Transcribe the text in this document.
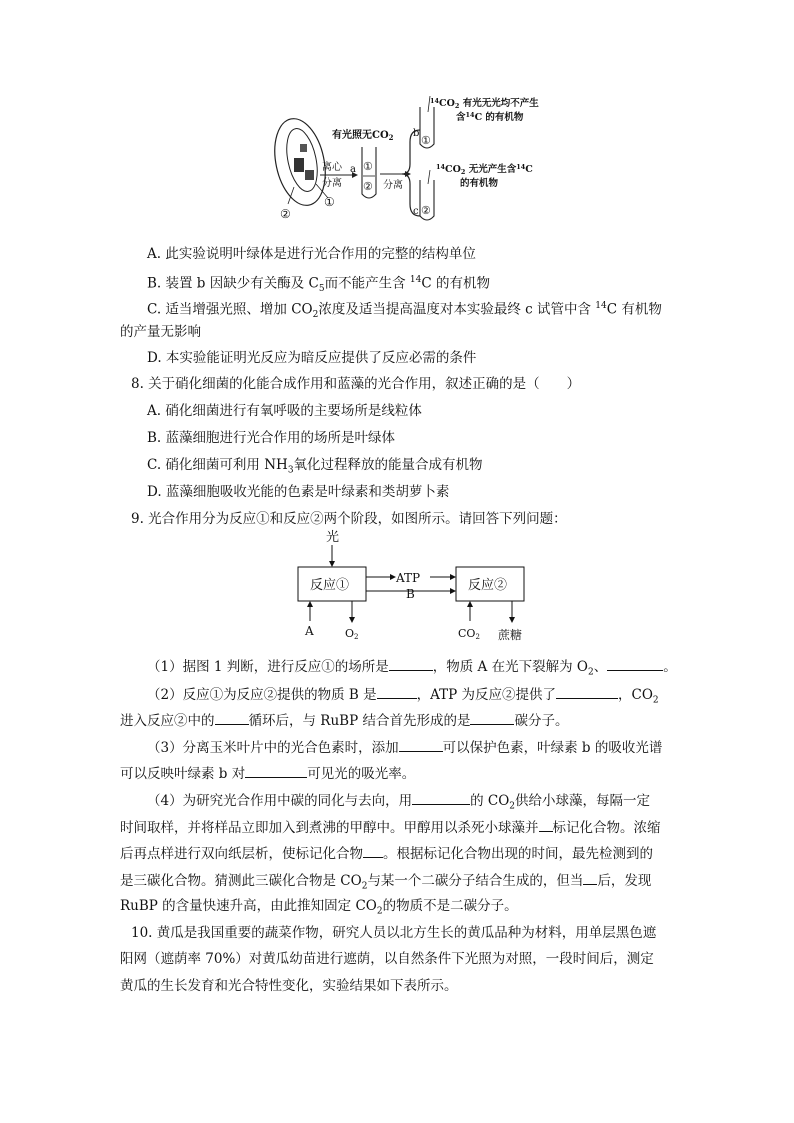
②
①
离心
分离
a
有光照无$CO_2$
①
② 分离
b
c
①
②
$^{14}CO_2$ 有光无光均不产生
含$^{14}$C 的有机物
$^{14}CO_2$ 无光产生含$^{14}$C
的有机物
A. 此实验说明叶绿体是进行光合作用的完整的结构单位
B. 装置 b 因缺少有关酶及 $C_5$而不能产生含 $^{14}$C 的有机物
C. 适当增强光照、增加 $CO_2$浓度及适当提高温度对本实验最终 c 试管中含 $^{14}$C 有机物
的产量无影响
D. 本实验能证明光反应为暗反应提供了反应必需的条件
8. 关于硝化细菌的化能合成作用和蓝藻的光合作用，叙述正确的是（　　）
A. 硝化细菌进行有氧呼吸的主要场所是线粒体
B. 蓝藻细胞进行光合作用的场所是叶绿体
C. 硝化细菌可利用 $NH_3$氧化过程释放的能量合成有机物
D. 蓝藻细胞吸收光能的色素是叶绿素和类胡萝卜素
9. 光合作用分为反应①和反应②两个阶段，如图所示。请回答下列问题：
光
反应①	反应②
ATP
B
A	O2	CO2 蔗糖
（1）据图 1 判断，进行反应①的场所是	，物质 A 在光下裂解为 $O_2$、	。
（2）反应①为反应②提供的物质 B 是	，ATP 为反应②提供了	，$CO_2$
进入反应②中的	循环后，与 RuBP 结合首先形成的是	碳分子。
（3）分离玉米叶片中的光合色素时，添加	可以保护色素，叶绿素 b 的吸收光谱
可以反映叶绿素 b 对	可见光的吸光率。
（4）为研究光合作用中碳的同化与去向，用	的 $CO_2$供给小球藻，每隔一定
时间取样，并将样品立即加入到煮沸的甲醇中。甲醇用以杀死小球藻并 标记化合物。浓缩
后再点样进行双向纸层析，使标记化合物 。根据标记化合物出现的时间，最先检测到的
是三碳化合物。猜测此三碳化合物是 $CO_2$与某一个二碳分子结合生成的，但当 后，发现
RuBP 的含量快速升高，由此推知固定 $CO_2$的物质不是二碳分子。
10. 黄瓜是我国重要的蔬菜作物，研究人员以北方生长的黄瓜品种为材料，用单层黑色遮
阳网（遮荫率 70%）对黄瓜幼苗进行遮荫，以自然条件下光照为对照，一段时间后，测定
黄瓜的生长发育和光合特性变化，实验结果如下表所示。
